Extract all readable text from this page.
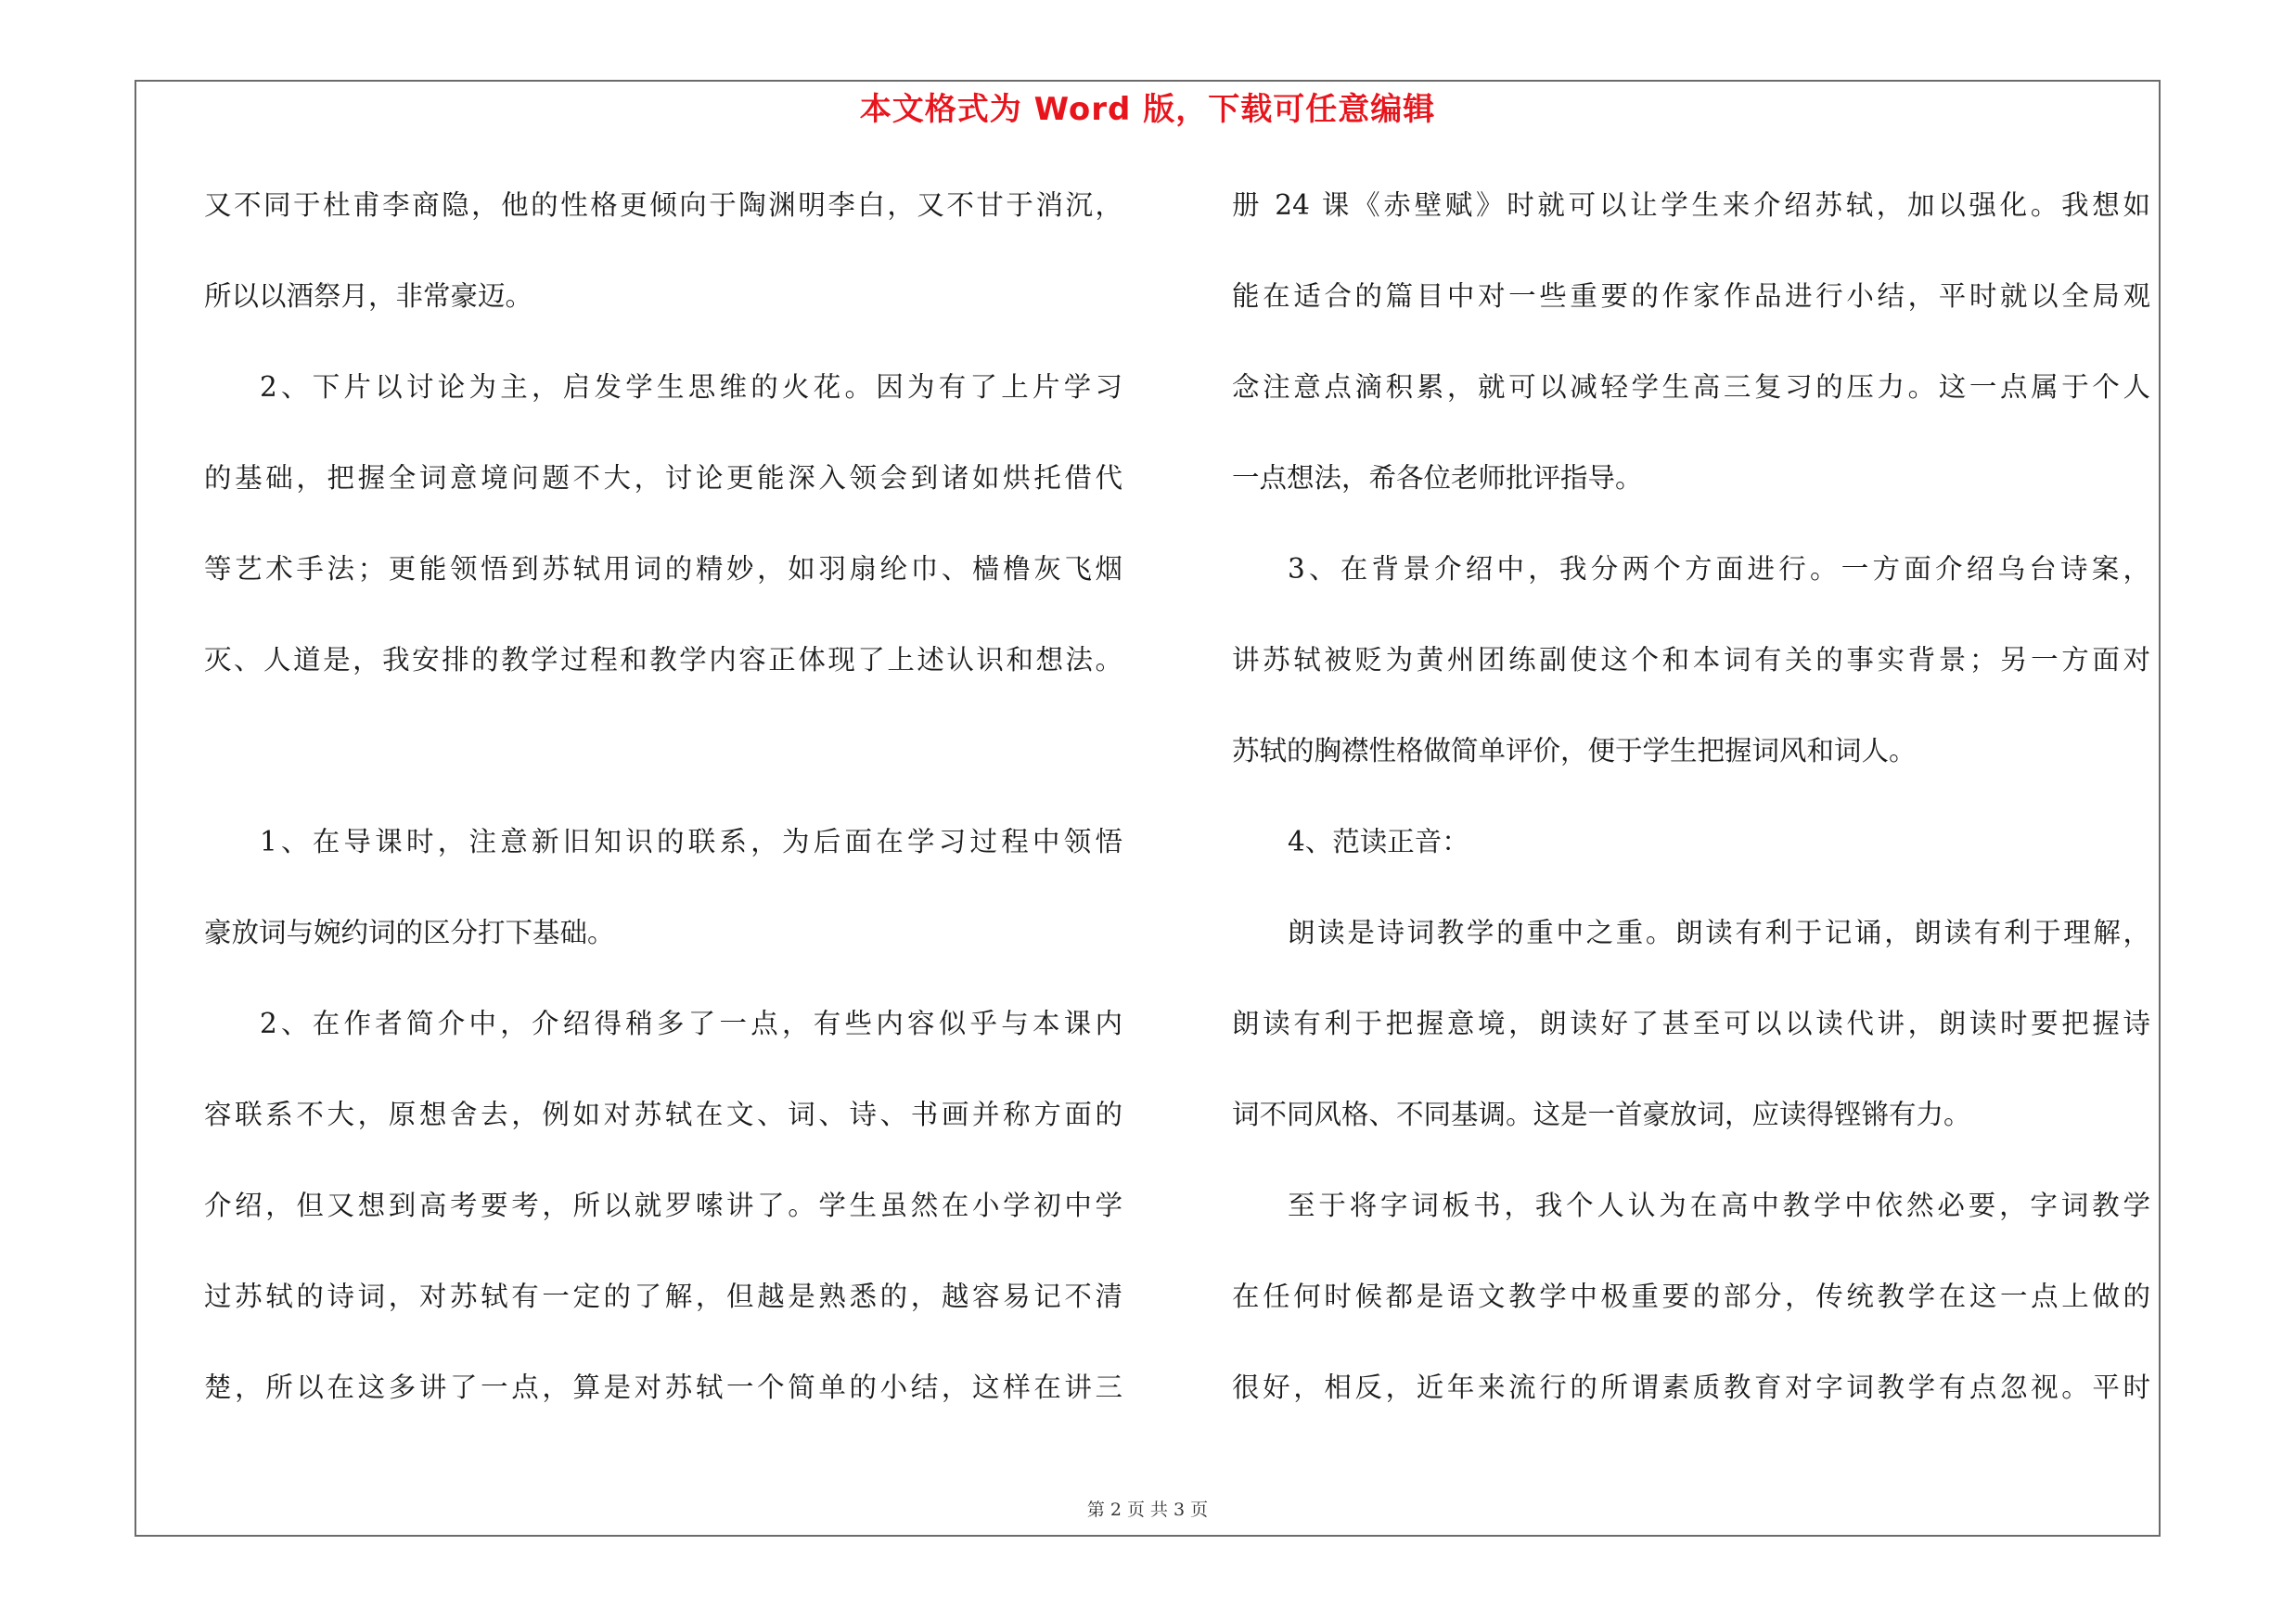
本文格式为 Word 版，下载可任意编辑
又不同于杜甫李商隐，他的性格更倾向于陶渊明李白，又不甘于消沉，
所以以酒祭月，非常豪迈。
2、下片以讨论为主，启发学生思维的火花。因为有了上片学习
的基础，把握全词意境问题不大，讨论更能深入领会到诸如烘托借代
等艺术手法；更能领悟到苏轼用词的精妙，如羽扇纶巾、樯橹灰飞烟
灭、人道是，我安排的教学过程和教学内容正体现了上述认识和想法。
1、在导课时，注意新旧知识的联系，为后面在学习过程中领悟
豪放词与婉约词的区分打下基础。
2、在作者简介中，介绍得稍多了一点，有些内容似乎与本课内
容联系不大，原想舍去，例如对苏轼在文、词、诗、书画并称方面的
介绍，但又想到高考要考，所以就罗嗦讲了。学生虽然在小学初中学
过苏轼的诗词，对苏轼有一定的了解，但越是熟悉的，越容易记不清
楚，所以在这多讲了一点，算是对苏轼一个简单的小结，这样在讲三
册 24 课《赤壁赋》时就可以让学生来介绍苏轼，加以强化。我想如
能在适合的篇目中对一些重要的作家作品进行小结，平时就以全局观
念注意点滴积累，就可以减轻学生高三复习的压力。这一点属于个人
一点想法，希各位老师批评指导。
3、在背景介绍中，我分两个方面进行。一方面介绍乌台诗案，
讲苏轼被贬为黄州团练副使这个和本词有关的事实背景；另一方面对
苏轼的胸襟性格做简单评价，便于学生把握词风和词人。
4、范读正音：
朗读是诗词教学的重中之重。朗读有利于记诵，朗读有利于理解，
朗读有利于把握意境，朗读好了甚至可以以读代讲，朗读时要把握诗
词不同风格、不同基调。这是一首豪放词，应读得铿锵有力。
至于将字词板书，我个人认为在高中教学中依然必要，字词教学
在任何时候都是语文教学中极重要的部分，传统教学在这一点上做的
很好，相反，近年来流行的所谓素质教育对字词教学有点忽视。平时
第 2 页 共 3 页
